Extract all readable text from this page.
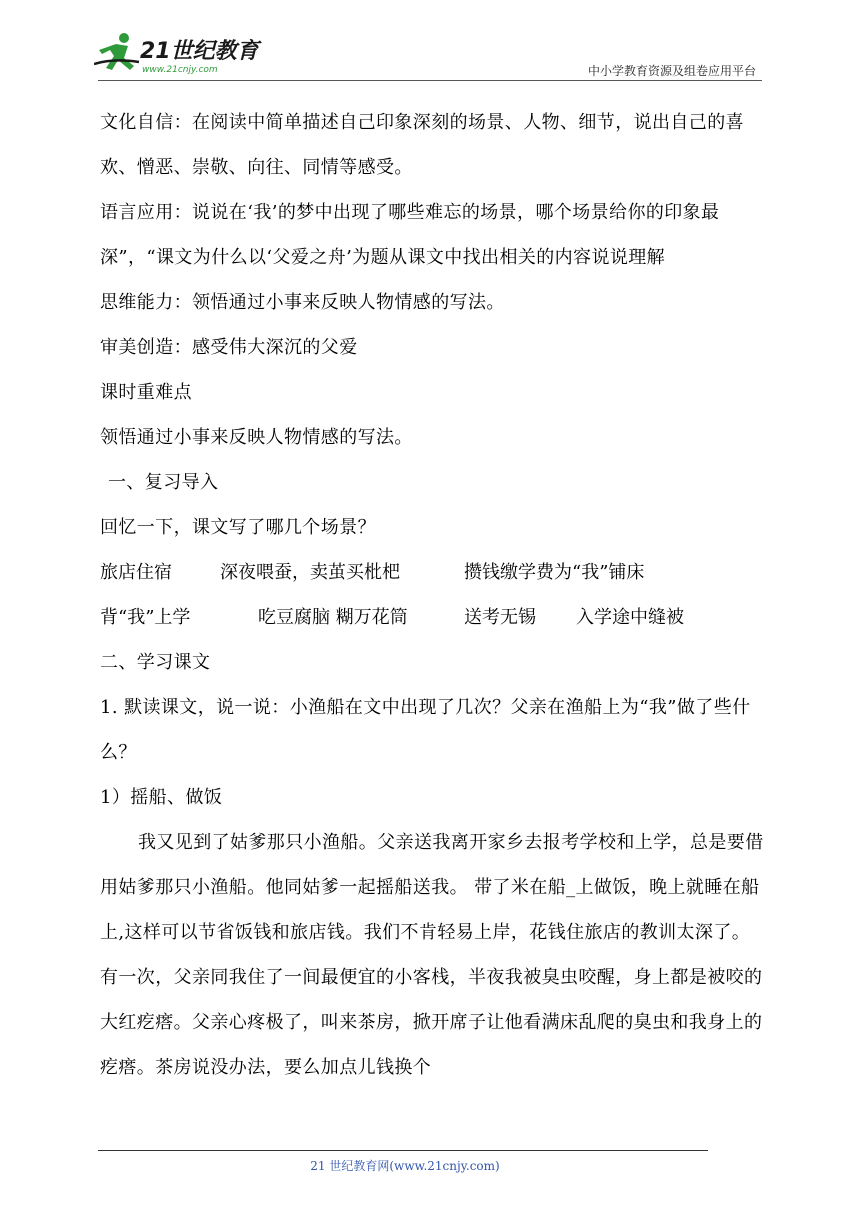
21世纪教育
www.21cnjy.com	中小学教育资源及组卷应用平台

文化自信：在阅读中简单描述自己印象深刻的场景、人物、细节，说出自己的喜欢、憎恶、崇敬、向往、同情等感受。

语言应用：说说在‘我’的梦中出现了哪些难忘的场景，哪个场景给你的印象最深”，“课文为什么以‘父爱之舟’为题从课文中找出相关的内容说说理解

思维能力：领悟通过小事来反映人物情感的写法。

审美创造：感受伟大深沉的父爱

课时重难点

领悟通过小事来反映人物情感的写法。

一、复习导入

回忆一下，课文写了哪几个场景？

旅店住宿	深夜喂蚕，卖茧买枇杷	攒钱缴学费为“我”铺床
背“我”上学	吃豆腐脑 糊万花筒	送考无锡	入学途中缝被

二、学习课文

1. 默读课文，说一说：小渔船在文中出现了几次？父亲在渔船上为“我”做了些什么？

1）摇船、做饭

我又见到了姑爹那只小渔船。父亲送我离开家乡去报考学校和上学，总是要借用姑爹那只小渔船。他同姑爹一起摇船送我。 带了米在船_上做饭，晚上就睡在船上,这样可以节省饭钱和旅店钱。我们不肯轻易上岸，花钱住旅店的教训太深了。有一次，父亲同我住了一间最便宜的小客栈，半夜我被臭虫咬醒，身上都是被咬的大红疙瘩。父亲心疼极了，叫来茶房，掀开席子让他看满床乱爬的臭虫和我身上的疙瘩。茶房说没办法，要么加点儿钱换个

21 世纪教育网(www.21cnjy.com)
